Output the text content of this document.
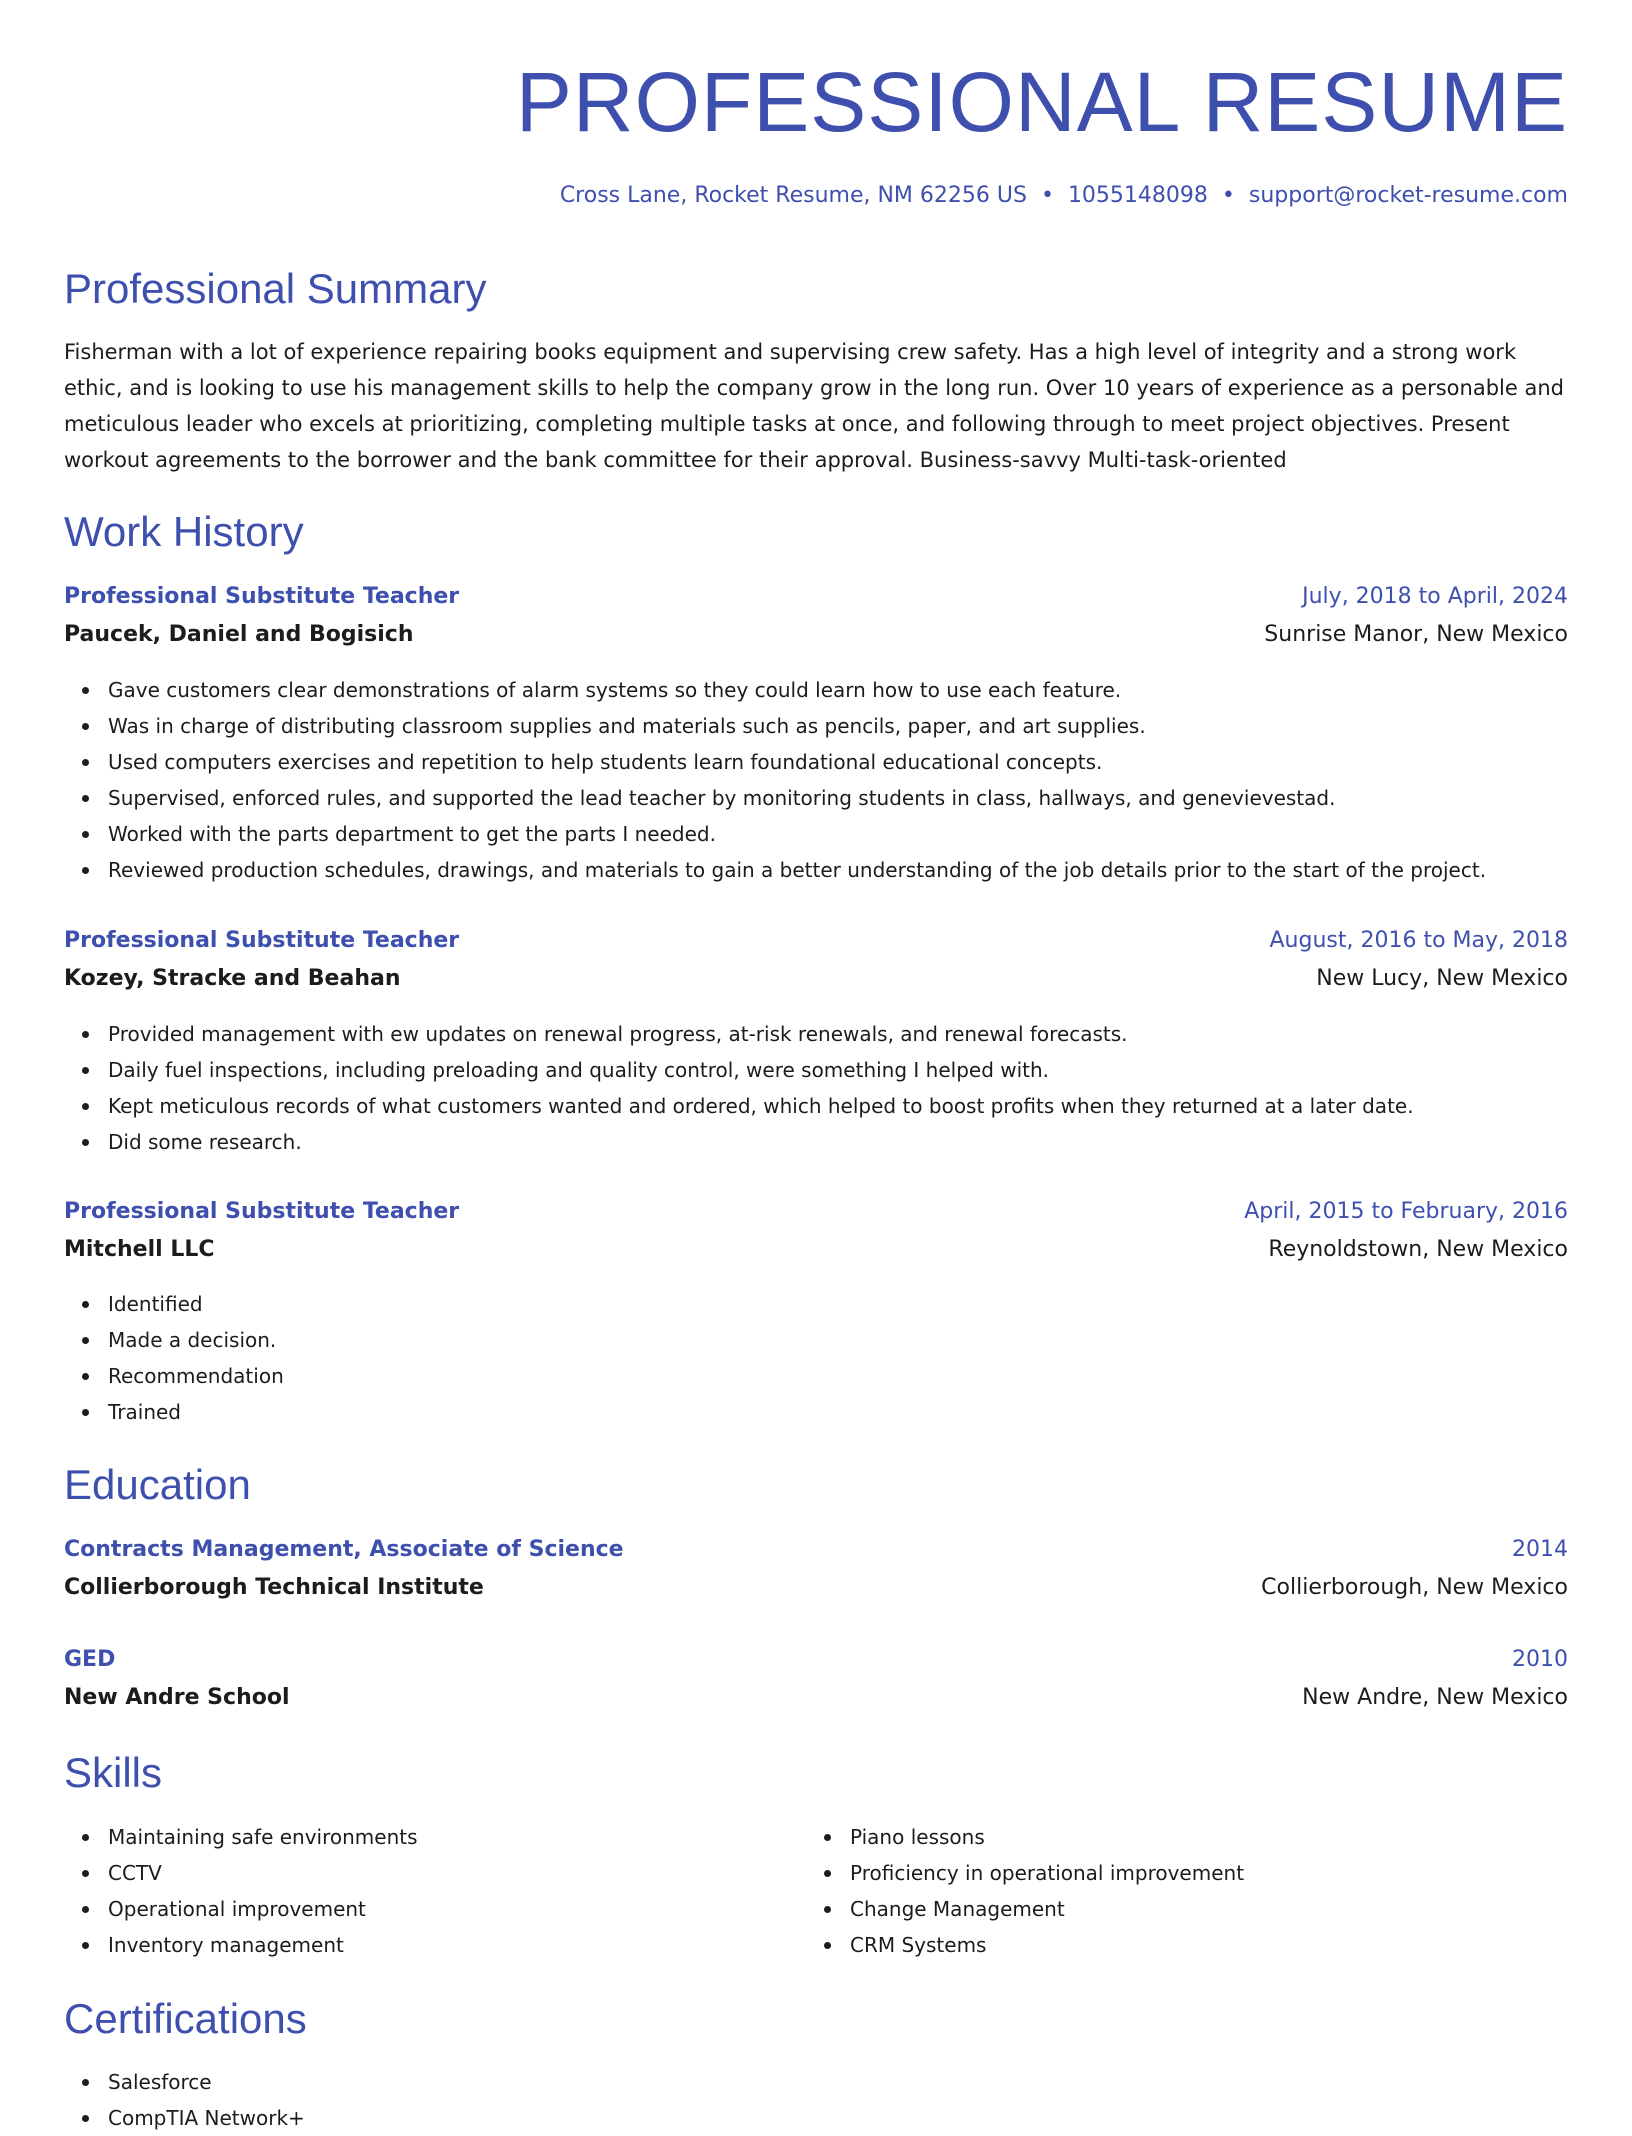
PROFESSIONAL RESUME
Cross Lane, Rocket Resume, NM 62256 US • 1055148098 • support@rocket-resume.com
Professional Summary
Fisherman with a lot of experience repairing books equipment and supervising crew safety. Has a high level of integrity and a strong work ethic, and is looking to use his management skills to help the company grow in the long run. Over 10 years of experience as a personable and meticulous leader who excels at prioritizing, completing multiple tasks at once, and following through to meet project objectives. Present workout agreements to the borrower and the bank committee for their approval. Business-savvy Multi-task-oriented
Work History
Professional Substitute Teacher	July, 2018 to April, 2024
Paucek, Daniel and Bogisich	Sunrise Manor, New Mexico
Gave customers clear demonstrations of alarm systems so they could learn how to use each feature.
Was in charge of distributing classroom supplies and materials such as pencils, paper, and art supplies.
Used computers exercises and repetition to help students learn foundational educational concepts.
Supervised, enforced rules, and supported the lead teacher by monitoring students in class, hallways, and genevievestad.
Worked with the parts department to get the parts I needed.
Reviewed production schedules, drawings, and materials to gain a better understanding of the job details prior to the start of the project.
Professional Substitute Teacher	August, 2016 to May, 2018
Kozey, Stracke and Beahan	New Lucy, New Mexico
Provided management with ew updates on renewal progress, at-risk renewals, and renewal forecasts.
Daily fuel inspections, including preloading and quality control, were something I helped with.
Kept meticulous records of what customers wanted and ordered, which helped to boost profits when they returned at a later date.
Did some research.
Professional Substitute Teacher	April, 2015 to February, 2016
Mitchell LLC	Reynoldstown, New Mexico
Identified
Made a decision.
Recommendation
Trained
Education
Contracts Management, Associate of Science	2014
Collierborough Technical Institute	Collierborough, New Mexico
GED	2010
New Andre School	New Andre, New Mexico
Skills
Maintaining safe environments
CCTV
Operational improvement
Inventory management
Piano lessons
Proficiency in operational improvement
Change Management
CRM Systems
Certifications
Salesforce
CompTIA Network+
